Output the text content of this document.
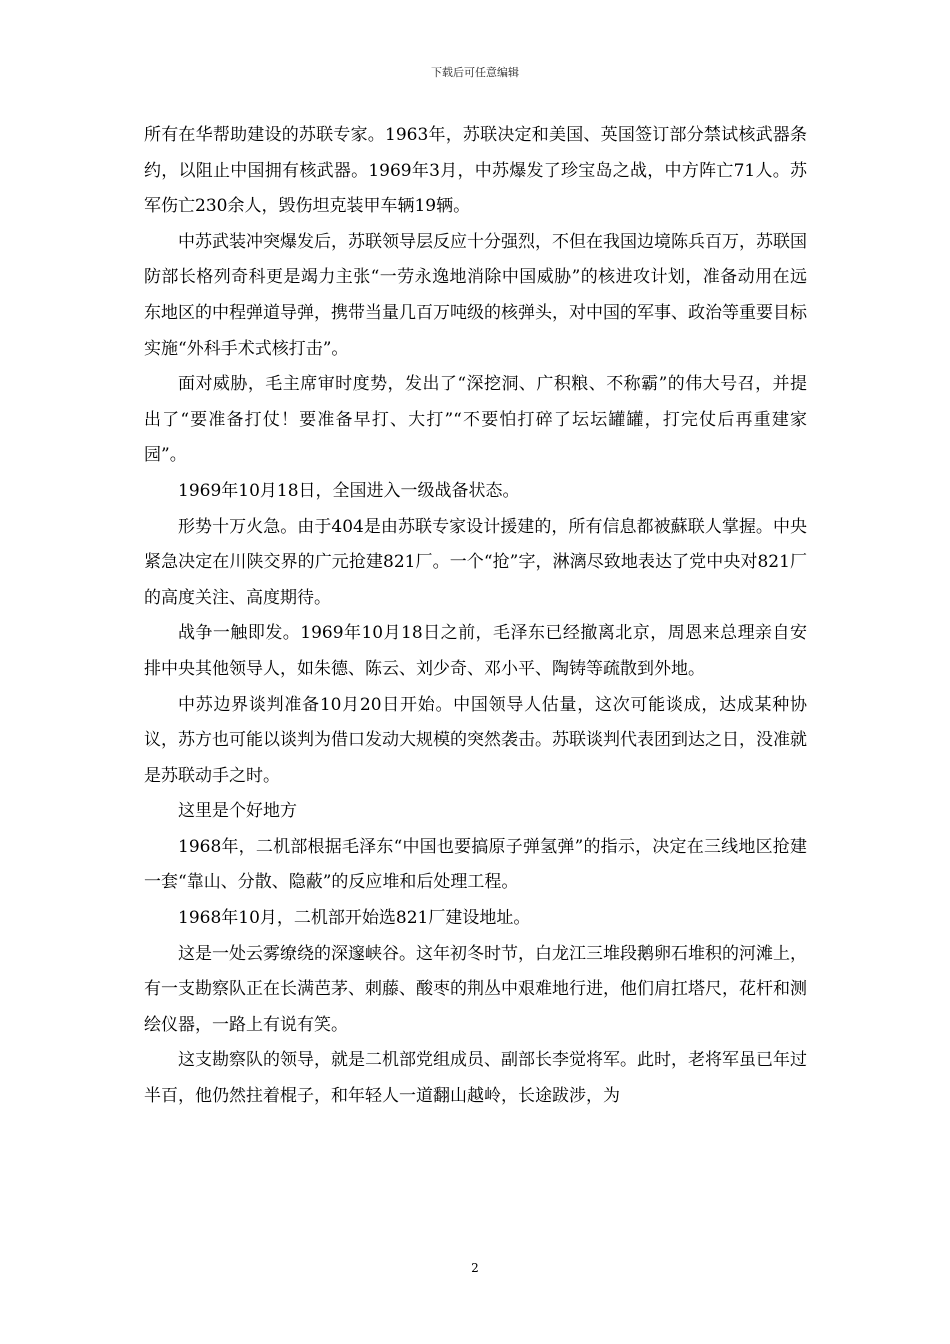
下载后可任意编辑

所有在华帮助建设的苏联专家。1963年，苏联决定和美国、英国签订部分禁试核武器条约，以阻止中国拥有核武器。1969年3月，中苏爆发了珍宝岛之战，中方阵亡71人。苏军伤亡230余人，毁伤坦克装甲车辆19辆。

中苏武装冲突爆发后，苏联领导层反应十分强烈，不但在我国边境陈兵百万，苏联国防部长格列奇科更是竭力主张“一劳永逸地消除中国威胁”的核进攻计划，准备动用在远东地区的中程弹道导弹，携带当量几百万吨级的核弹头，对中国的军事、政治等重要目标实施“外科手术式核打击”。

面对威胁，毛主席审时度势，发出了“深挖洞、广积粮、不称霸”的伟大号召，并提出了“要准备打仗！要准备早打、大打”“不要怕打碎了坛坛罐罐，打完仗后再重建家园”。

1969年10月18日，全国进入一级战备状态。

形势十万火急。由于404是由苏联专家设计援建的，所有信息都被蘇联人掌握。中央紧急决定在川陕交界的广元抢建821厂。一个“抢”字，淋漓尽致地表达了党中央对821厂的高度关注、高度期待。

战争一触即发。1969年10月18日之前，毛泽东已经撤离北京，周恩来总理亲自安排中央其他领导人，如朱德、陈云、刘少奇、邓小平、陶铸等疏散到外地。

中苏边界谈判准备10月20日开始。中国领导人估量，这次可能谈成，达成某种协议，苏方也可能以谈判为借口发动大规模的突然袭击。苏联谈判代表团到达之日，没准就是苏联动手之时。

这里是个好地方

1968年，二机部根据毛泽东“中国也要搞原子弹氢弹”的指示，决定在三线地区抢建一套“靠山、分散、隐蔽”的反应堆和后处理工程。

1968年10月，二机部开始选821厂建设地址。

这是一处云雾缭绕的深邃峡谷。这年初冬时节，白龙江三堆段鹅卵石堆积的河滩上，有一支勘察队正在长满芭茅、刺藤、酸枣的荆丛中艰难地行进，他们肩扛塔尺，花杆和测绘仪器，一路上有说有笑。

这支勘察队的领导，就是二机部党组成员、副部长李觉将军。此时，老将军虽已年过半百，他仍然拄着棍子，和年轻人一道翻山越岭，长途跋涉，为

2
